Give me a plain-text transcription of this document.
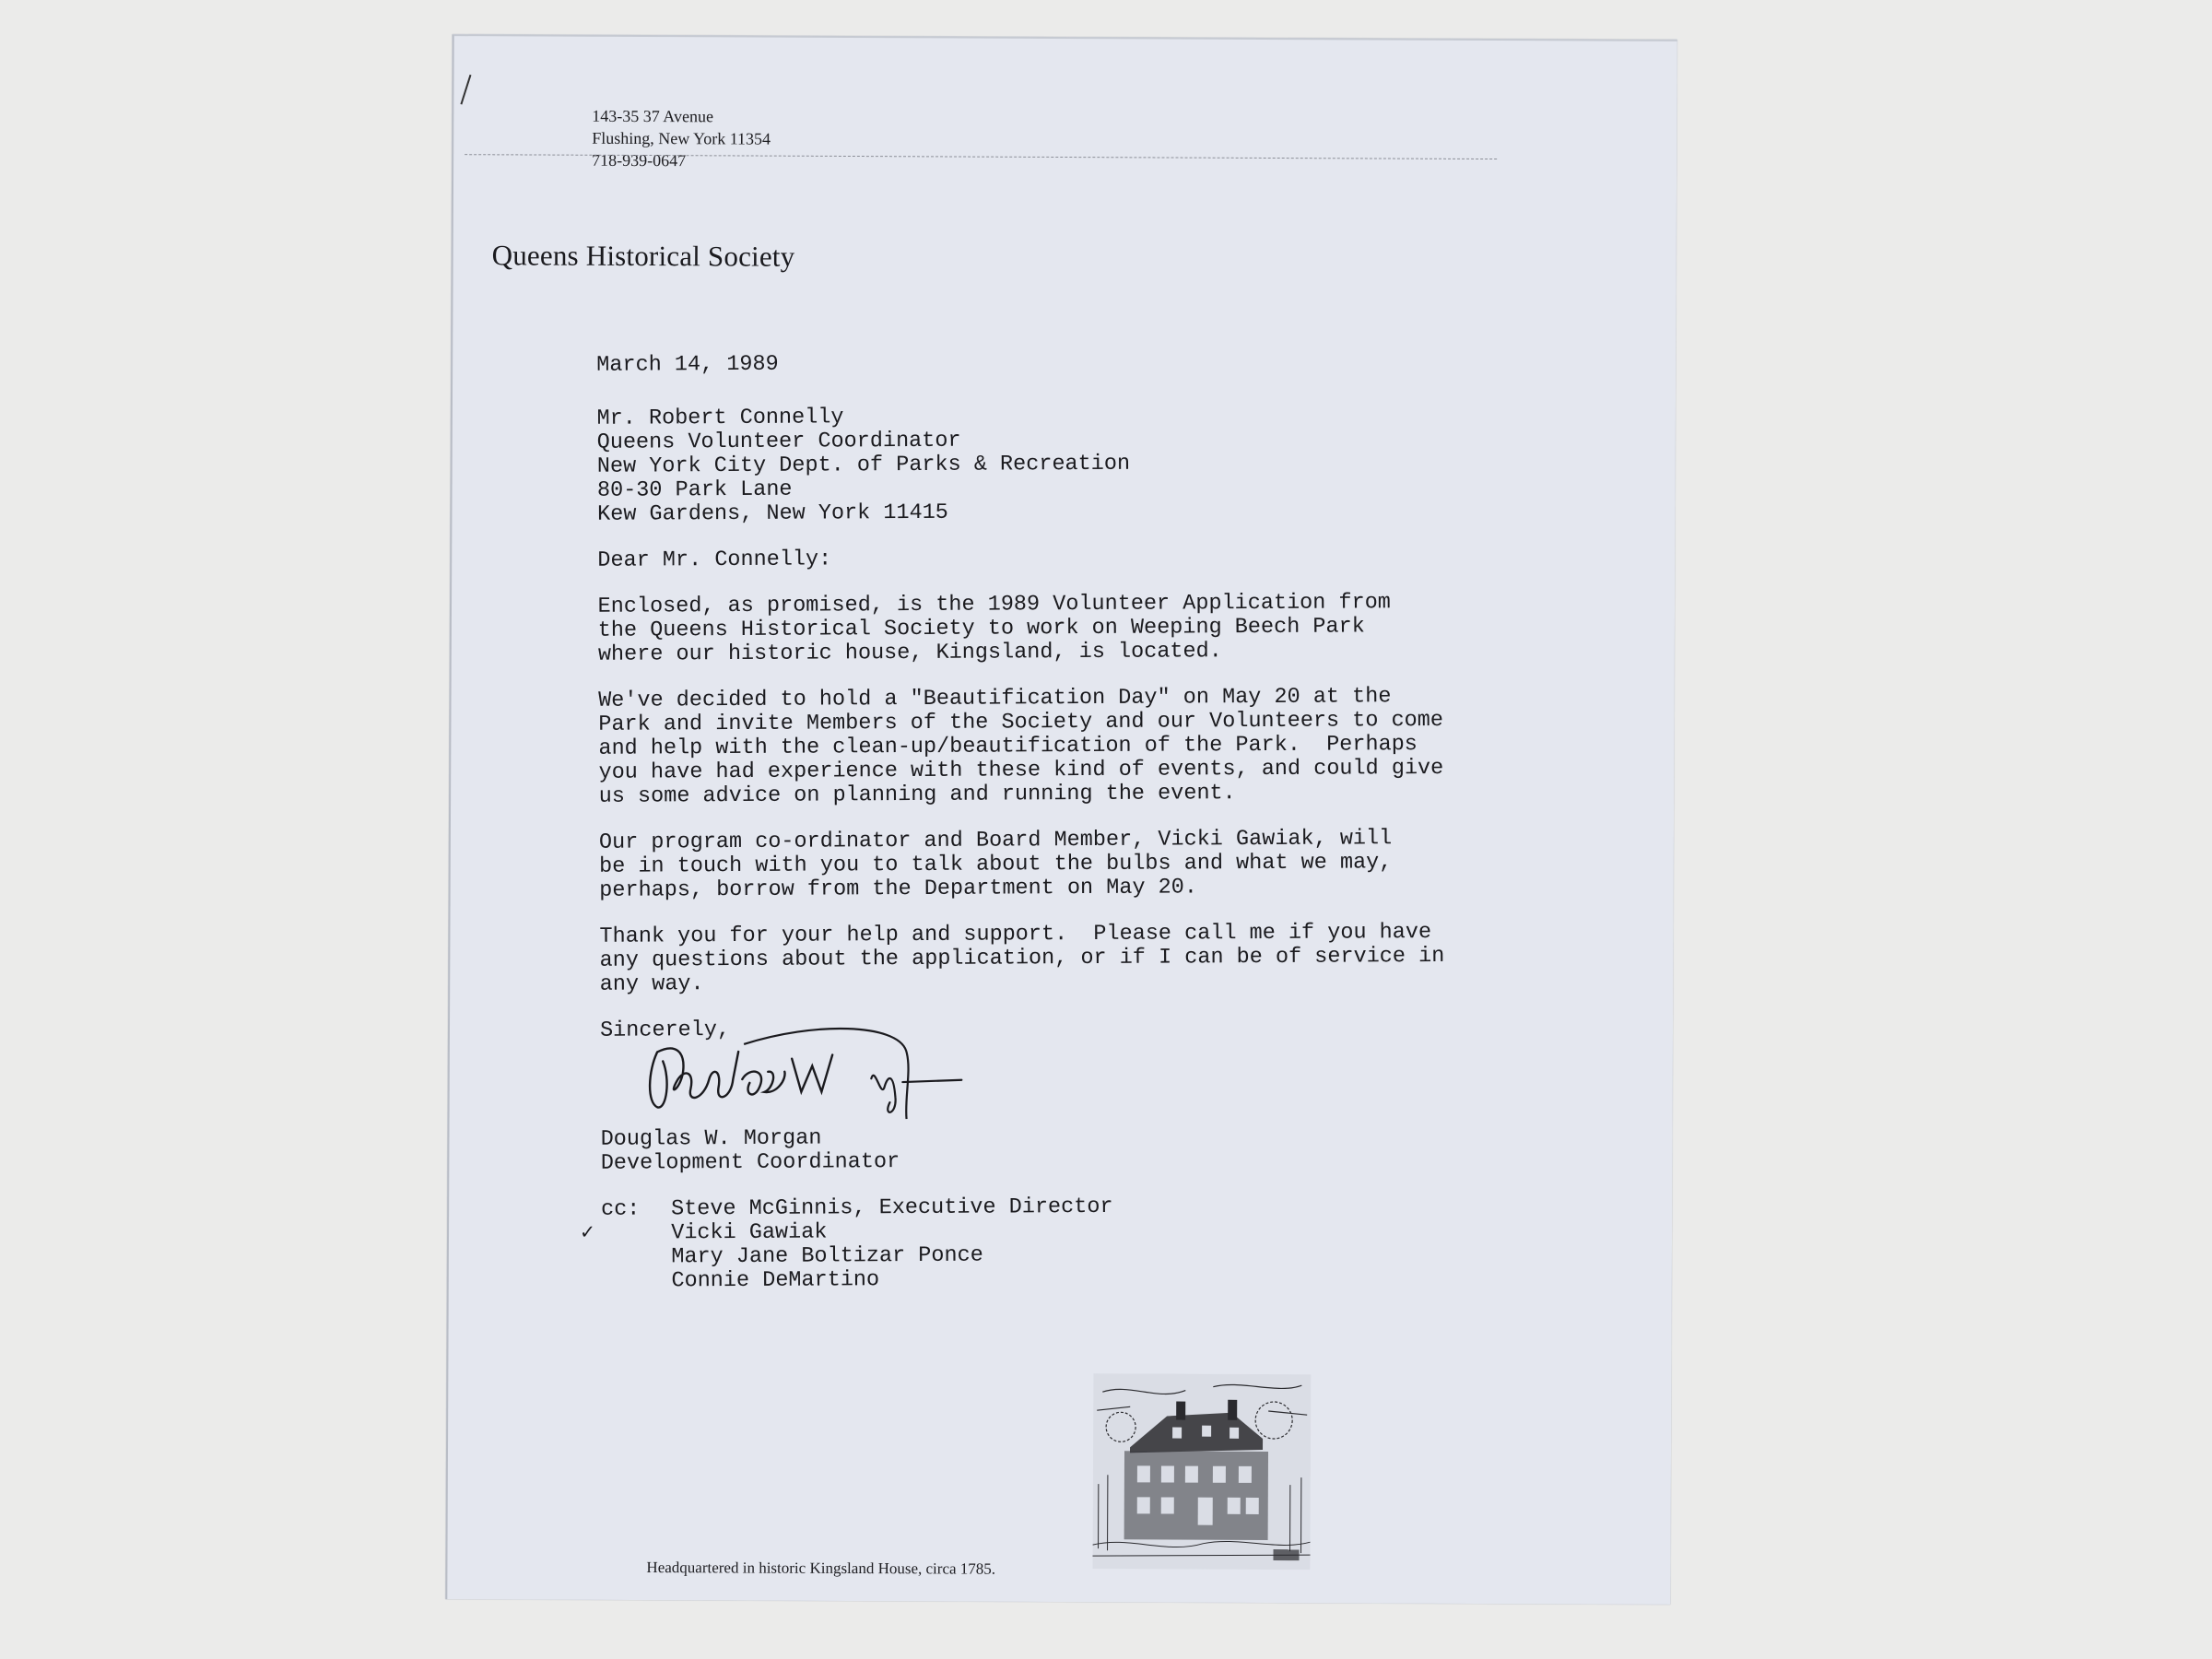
143-35 37 Avenue
Flushing, New York 11354
718-939-0647
Queens Historical Society
March 14, 1989
Mr. Robert Connelly
Queens Volunteer Coordinator
New York City Dept. of Parks & Recreation
80-30 Park Lane
Kew Gardens, New York 11415
Dear Mr. Connelly:
Enclosed, as promised, is the 1989 Volunteer Application from
the Queens Historical Society to work on Weeping Beech Park
where our historic house, Kingsland, is located.
We've decided to hold a "Beautification Day" on May 20 at the
Park and invite Members of the Society and our Volunteers to come
and help with the clean-up/beautification of the Park.  Perhaps
you have had experience with these kind of events, and could give
us some advice on planning and running the event.
Our program co-ordinator and Board Member, Vicki Gawiak, will
be in touch with you to talk about the bulbs and what we may,
perhaps, borrow from the Department on May 20.
Thank you for your help and support.  Please call me if you have
any questions about the application, or if I can be of service in
any way.
Sincerely,
Douglas W. Morgan
Development Coordinator
cc:	Steve McGinnis, Executive Director
✓	Vicki Gawiak
Mary Jane Boltizar Ponce
Connie DeMartino
Headquartered in historic Kingsland House, circa 1785.
